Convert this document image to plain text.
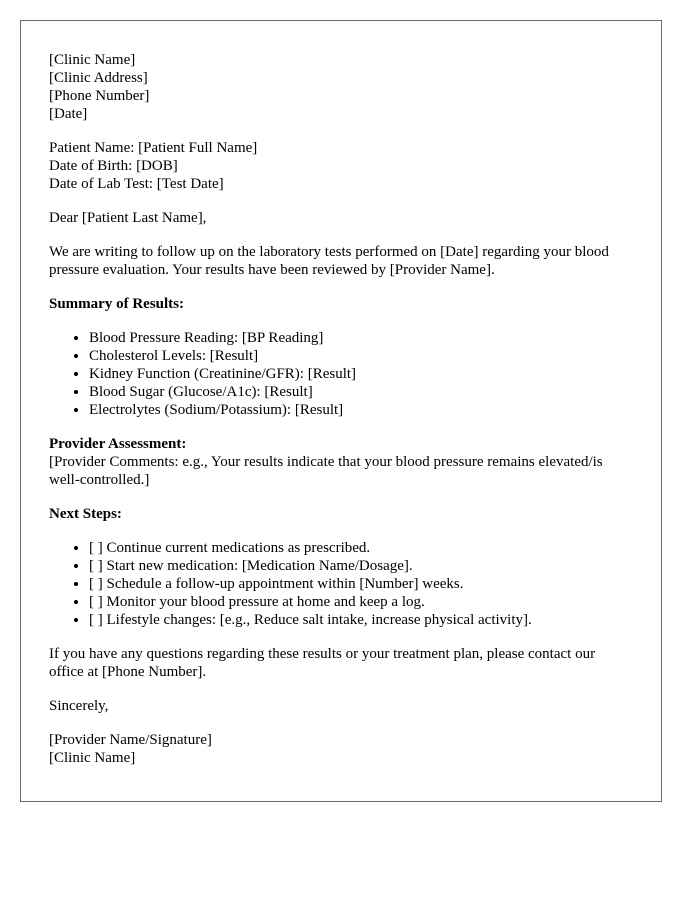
[Clinic Name]
[Clinic Address]
[Phone Number]
[Date]
Patient Name: [Patient Full Name]
Date of Birth: [DOB]
Date of Lab Test: [Test Date]

Dear [Patient Last Name],

We are writing to follow up on the laboratory tests performed on [Date] regarding your blood pressure evaluation. Your results have been reviewed by [Provider Name].

Summary of Results:

• Blood Pressure Reading: [BP Reading]
• Cholesterol Levels: [Result]
• Kidney Function (Creatinine/GFR): [Result]
• Blood Sugar (Glucose/A1c): [Result]
• Electrolytes (Sodium/Potassium): [Result]

Provider Assessment:
[Provider Comments: e.g., Your results indicate that your blood pressure remains elevated/is well-controlled.]

Next Steps:

• [ ] Continue current medications as prescribed.
• [ ] Start new medication: [Medication Name/Dosage].
• [ ] Schedule a follow-up appointment within [Number] weeks.
• [ ] Monitor your blood pressure at home and keep a log.
• [ ] Lifestyle changes: [e.g., Reduce salt intake, increase physical activity].

If you have any questions regarding these results or your treatment plan, please contact our office at [Phone Number].

Sincerely,

[Provider Name/Signature]
[Clinic Name]
